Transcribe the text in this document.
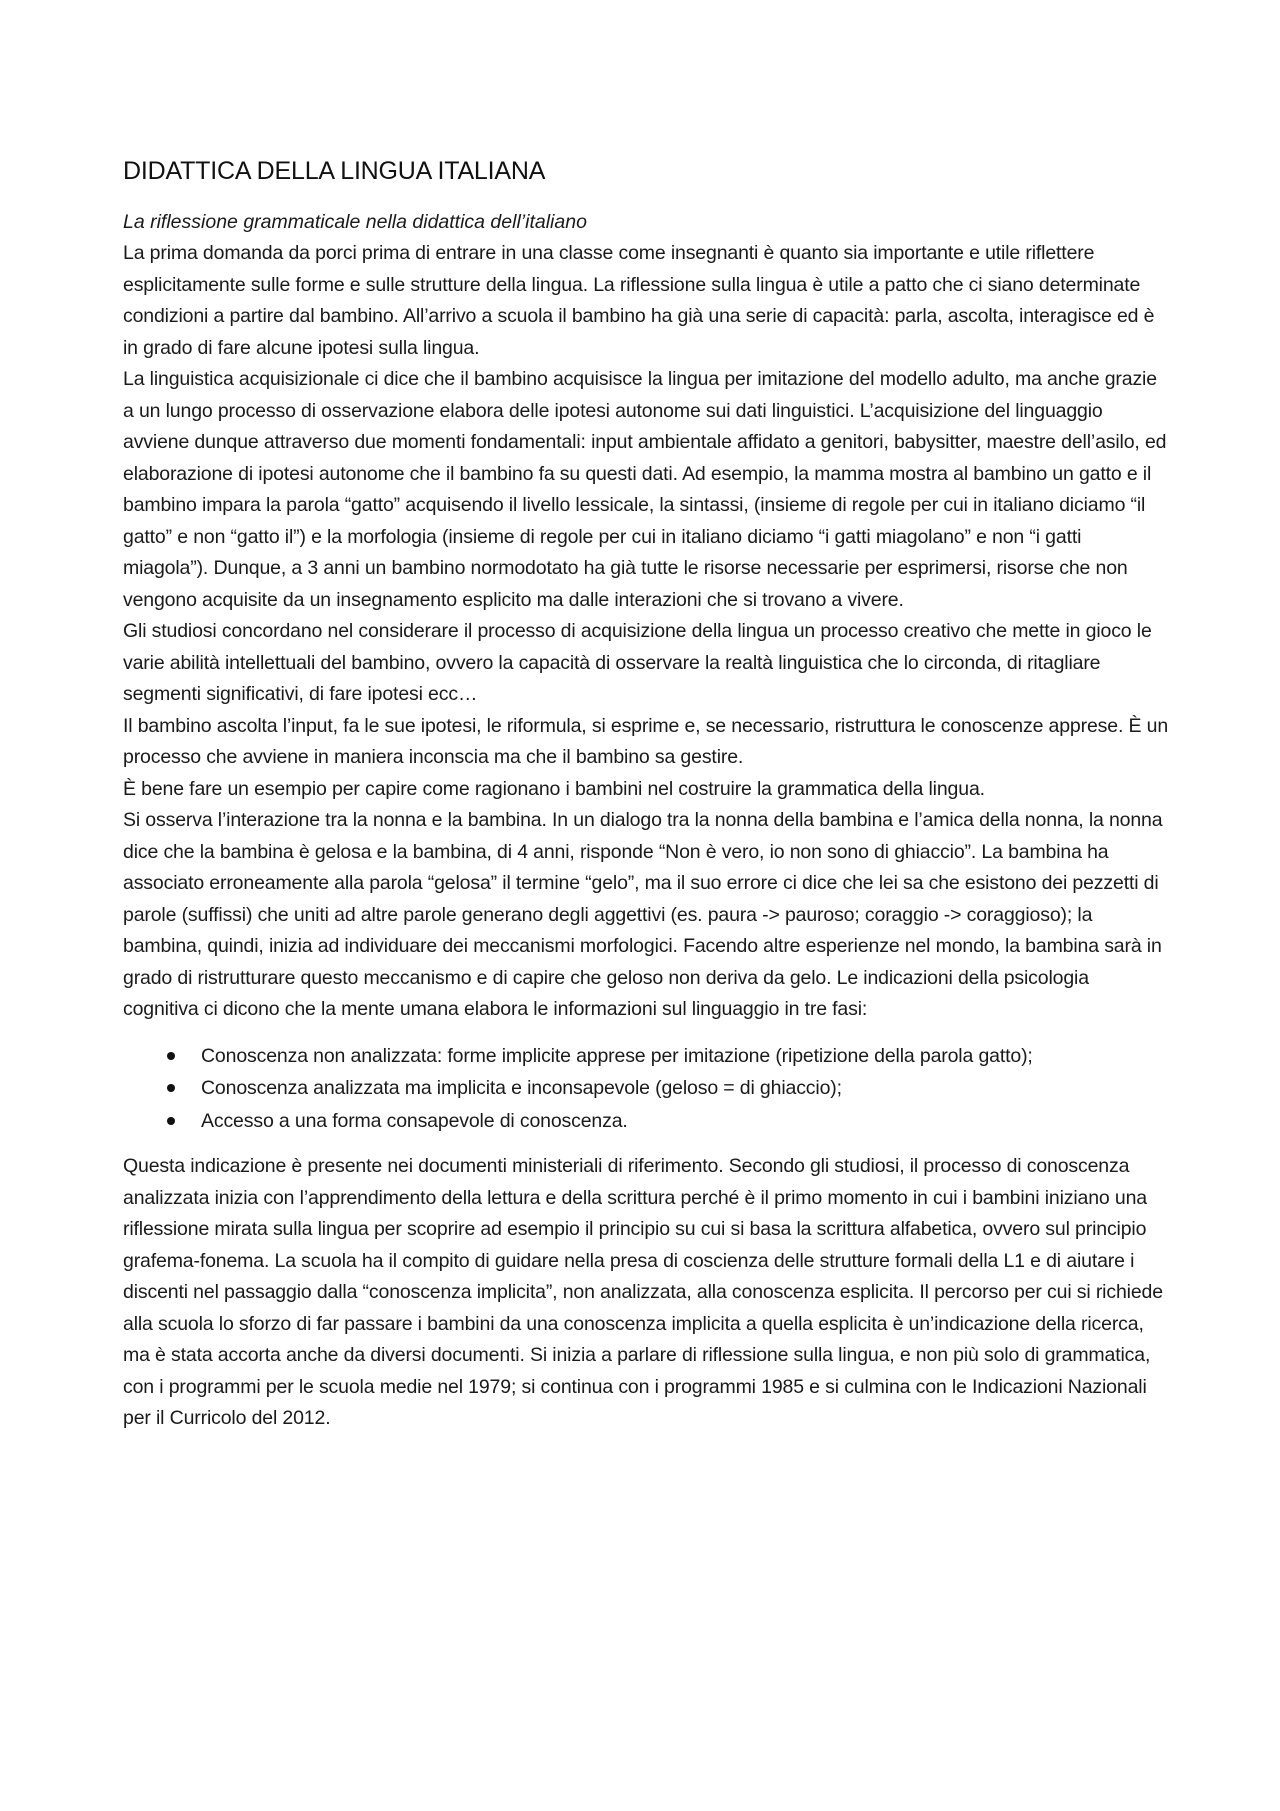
DIDATTICA DELLA LINGUA ITALIANA

La riflessione grammaticale nella didattica dell’italiano

La prima domanda da porci prima di entrare in una classe come insegnanti è quanto sia importante e utile riflettere esplicitamente sulle forme e sulle strutture della lingua. La riflessione sulla lingua è utile a patto che ci siano determinate condizioni a partire dal bambino. All’arrivo a scuola il bambino ha già una serie di capacità: parla, ascolta, interagisce ed è in grado di fare alcune ipotesi sulla lingua.

La linguistica acquisizionale ci dice che il bambino acquisisce la lingua per imitazione del modello adulto, ma anche grazie a un lungo processo di osservazione elabora delle ipotesi autonome sui dati linguistici. L’acquisizione del linguaggio avviene dunque attraverso due momenti fondamentali: input ambientale affidato a genitori, babysitter, maestre dell’asilo, ed elaborazione di ipotesi autonome che il bambino fa su questi dati. Ad esempio, la mamma mostra al bambino un gatto e il bambino impara la parola “gatto” acquisendo il livello lessicale, la sintassi, (insieme di regole per cui in italiano diciamo “il gatto” e non “gatto il”) e la morfologia (insieme di regole per cui in italiano diciamo “i gatti miagolano” e non “i gatti miagola”). Dunque, a 3 anni un bambino normodotato ha già tutte le risorse necessarie per esprimersi, risorse che non vengono acquisite da un insegnamento esplicito ma dalle interazioni che si trovano a vivere.

Gli studiosi concordano nel considerare il processo di acquisizione della lingua un processo creativo che mette in gioco le varie abilità intellettuali del bambino, ovvero la capacità di osservare la realtà linguistica che lo circonda, di ritagliare segmenti significativi, di fare ipotesi ecc…

Il bambino ascolta l’input, fa le sue ipotesi, le riformula, si esprime e, se necessario, ristruttura le conoscenze apprese. È un processo che avviene in maniera inconscia ma che il bambino sa gestire.

È bene fare un esempio per capire come ragionano i bambini nel costruire la grammatica della lingua.

Si osserva l’interazione tra la nonna e la bambina. In un dialogo tra la nonna della bambina e l’amica della nonna, la nonna dice che la bambina è gelosa e la bambina, di 4 anni, risponde “Non è vero, io non sono di ghiaccio”. La bambina ha associato erroneamente alla parola “gelosa” il termine “gelo”, ma il suo errore ci dice che lei sa che esistono dei pezzetti di parole (suffissi) che uniti ad altre parole generano degli aggettivi (es. paura -> pauroso; coraggio -> coraggioso); la bambina, quindi, inizia ad individuare dei meccanismi morfologici. Facendo altre esperienze nel mondo, la bambina sarà in grado di ristrutturare questo meccanismo e di capire che geloso non deriva da gelo. Le indicazioni della psicologia cognitiva ci dicono che la mente umana elabora le informazioni sul linguaggio in tre fasi:

Conoscenza non analizzata: forme implicite apprese per imitazione (ripetizione della parola gatto);
Conoscenza analizzata ma implicita e inconsapevole (geloso = di ghiaccio);
Accesso a una forma consapevole di conoscenza.

Questa indicazione è presente nei documenti ministeriali di riferimento. Secondo gli studiosi, il processo di conoscenza analizzata inizia con l’apprendimento della lettura e della scrittura perché è il primo momento in cui i bambini iniziano una riflessione mirata sulla lingua per scoprire ad esempio il principio su cui si basa la scrittura alfabetica, ovvero sul principio grafema-fonema. La scuola ha il compito di guidare nella presa di coscienza delle strutture formali della L1 e di aiutare i discenti nel passaggio dalla “conoscenza implicita”, non analizzata, alla conoscenza esplicita. Il percorso per cui si richiede alla scuola lo sforzo di far passare i bambini da una conoscenza implicita a quella esplicita è un’indicazione della ricerca, ma è stata accorta anche da diversi documenti. Si inizia a parlare di riflessione sulla lingua, e non più solo di grammatica, con i programmi per le scuola medie nel 1979; si continua con i programmi 1985 e si culmina con le Indicazioni Nazionali per il Curricolo del 2012.
